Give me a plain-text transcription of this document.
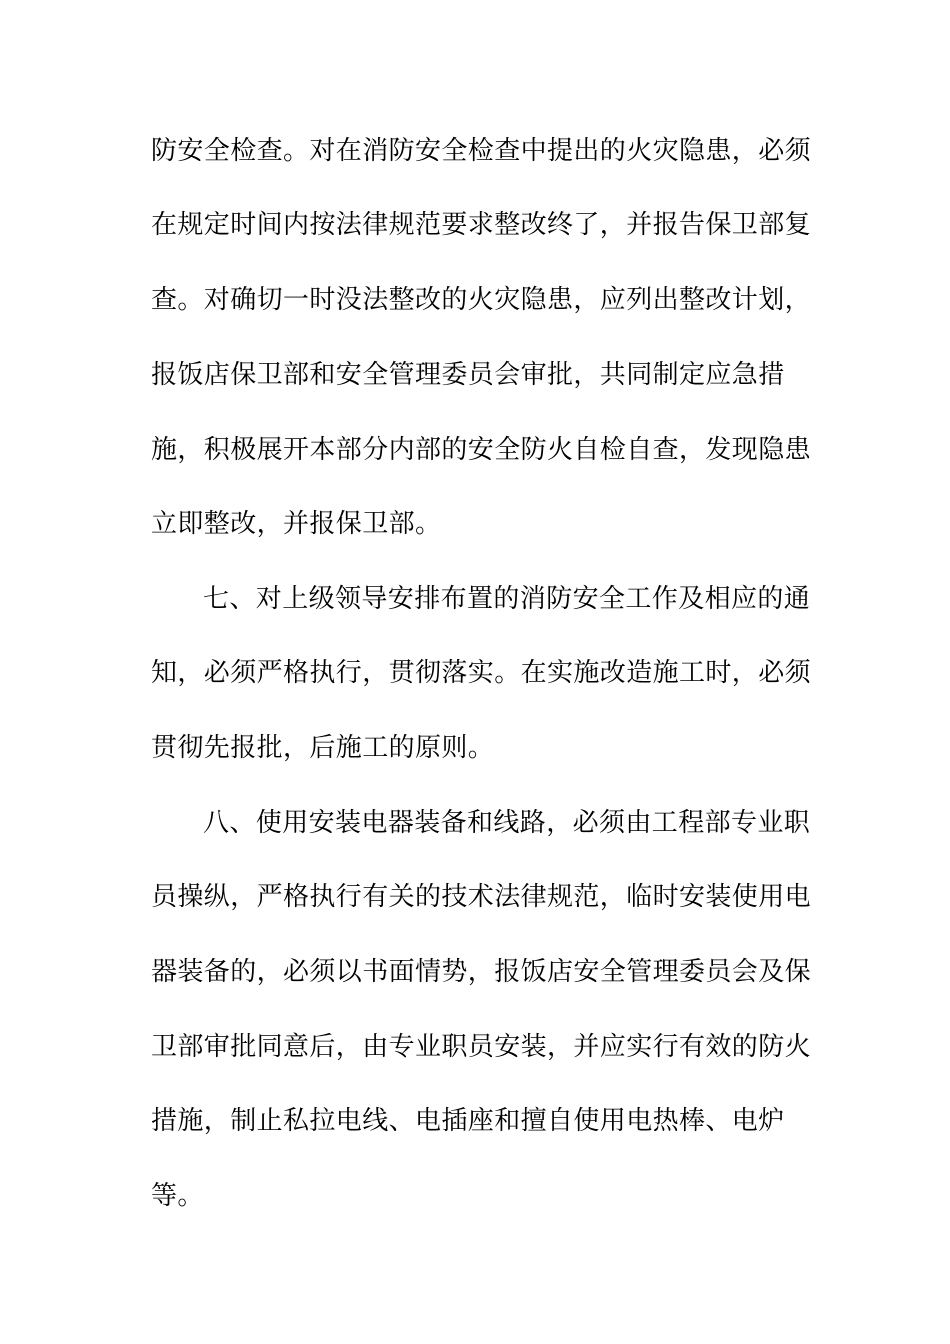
防安全检查。对在消防安全检查中提出的火灾隐患，必须
在规定时间内按法律规范要求整改终了，并报告保卫部复
查。对确切一时没法整改的火灾隐患，应列出整改计划，
报饭店保卫部和安全管理委员会审批，共同制定应急措
施，积极展开本部分内部的安全防火自检自查，发现隐患
立即整改，并报保卫部。
七、对上级领导安排布置的消防安全工作及相应的通
知，必须严格执行，贯彻落实。在实施改造施工时，必须
贯彻先报批，后施工的原则。
八、使用安装电器装备和线路，必须由工程部专业职
员操纵，严格执行有关的技术法律规范，临时安装使用电
器装备的，必须以书面情势，报饭店安全管理委员会及保
卫部审批同意后，由专业职员安装，并应实行有效的防火
措施，制止私拉电线、电插座和擅自使用电热棒、电炉
等。
